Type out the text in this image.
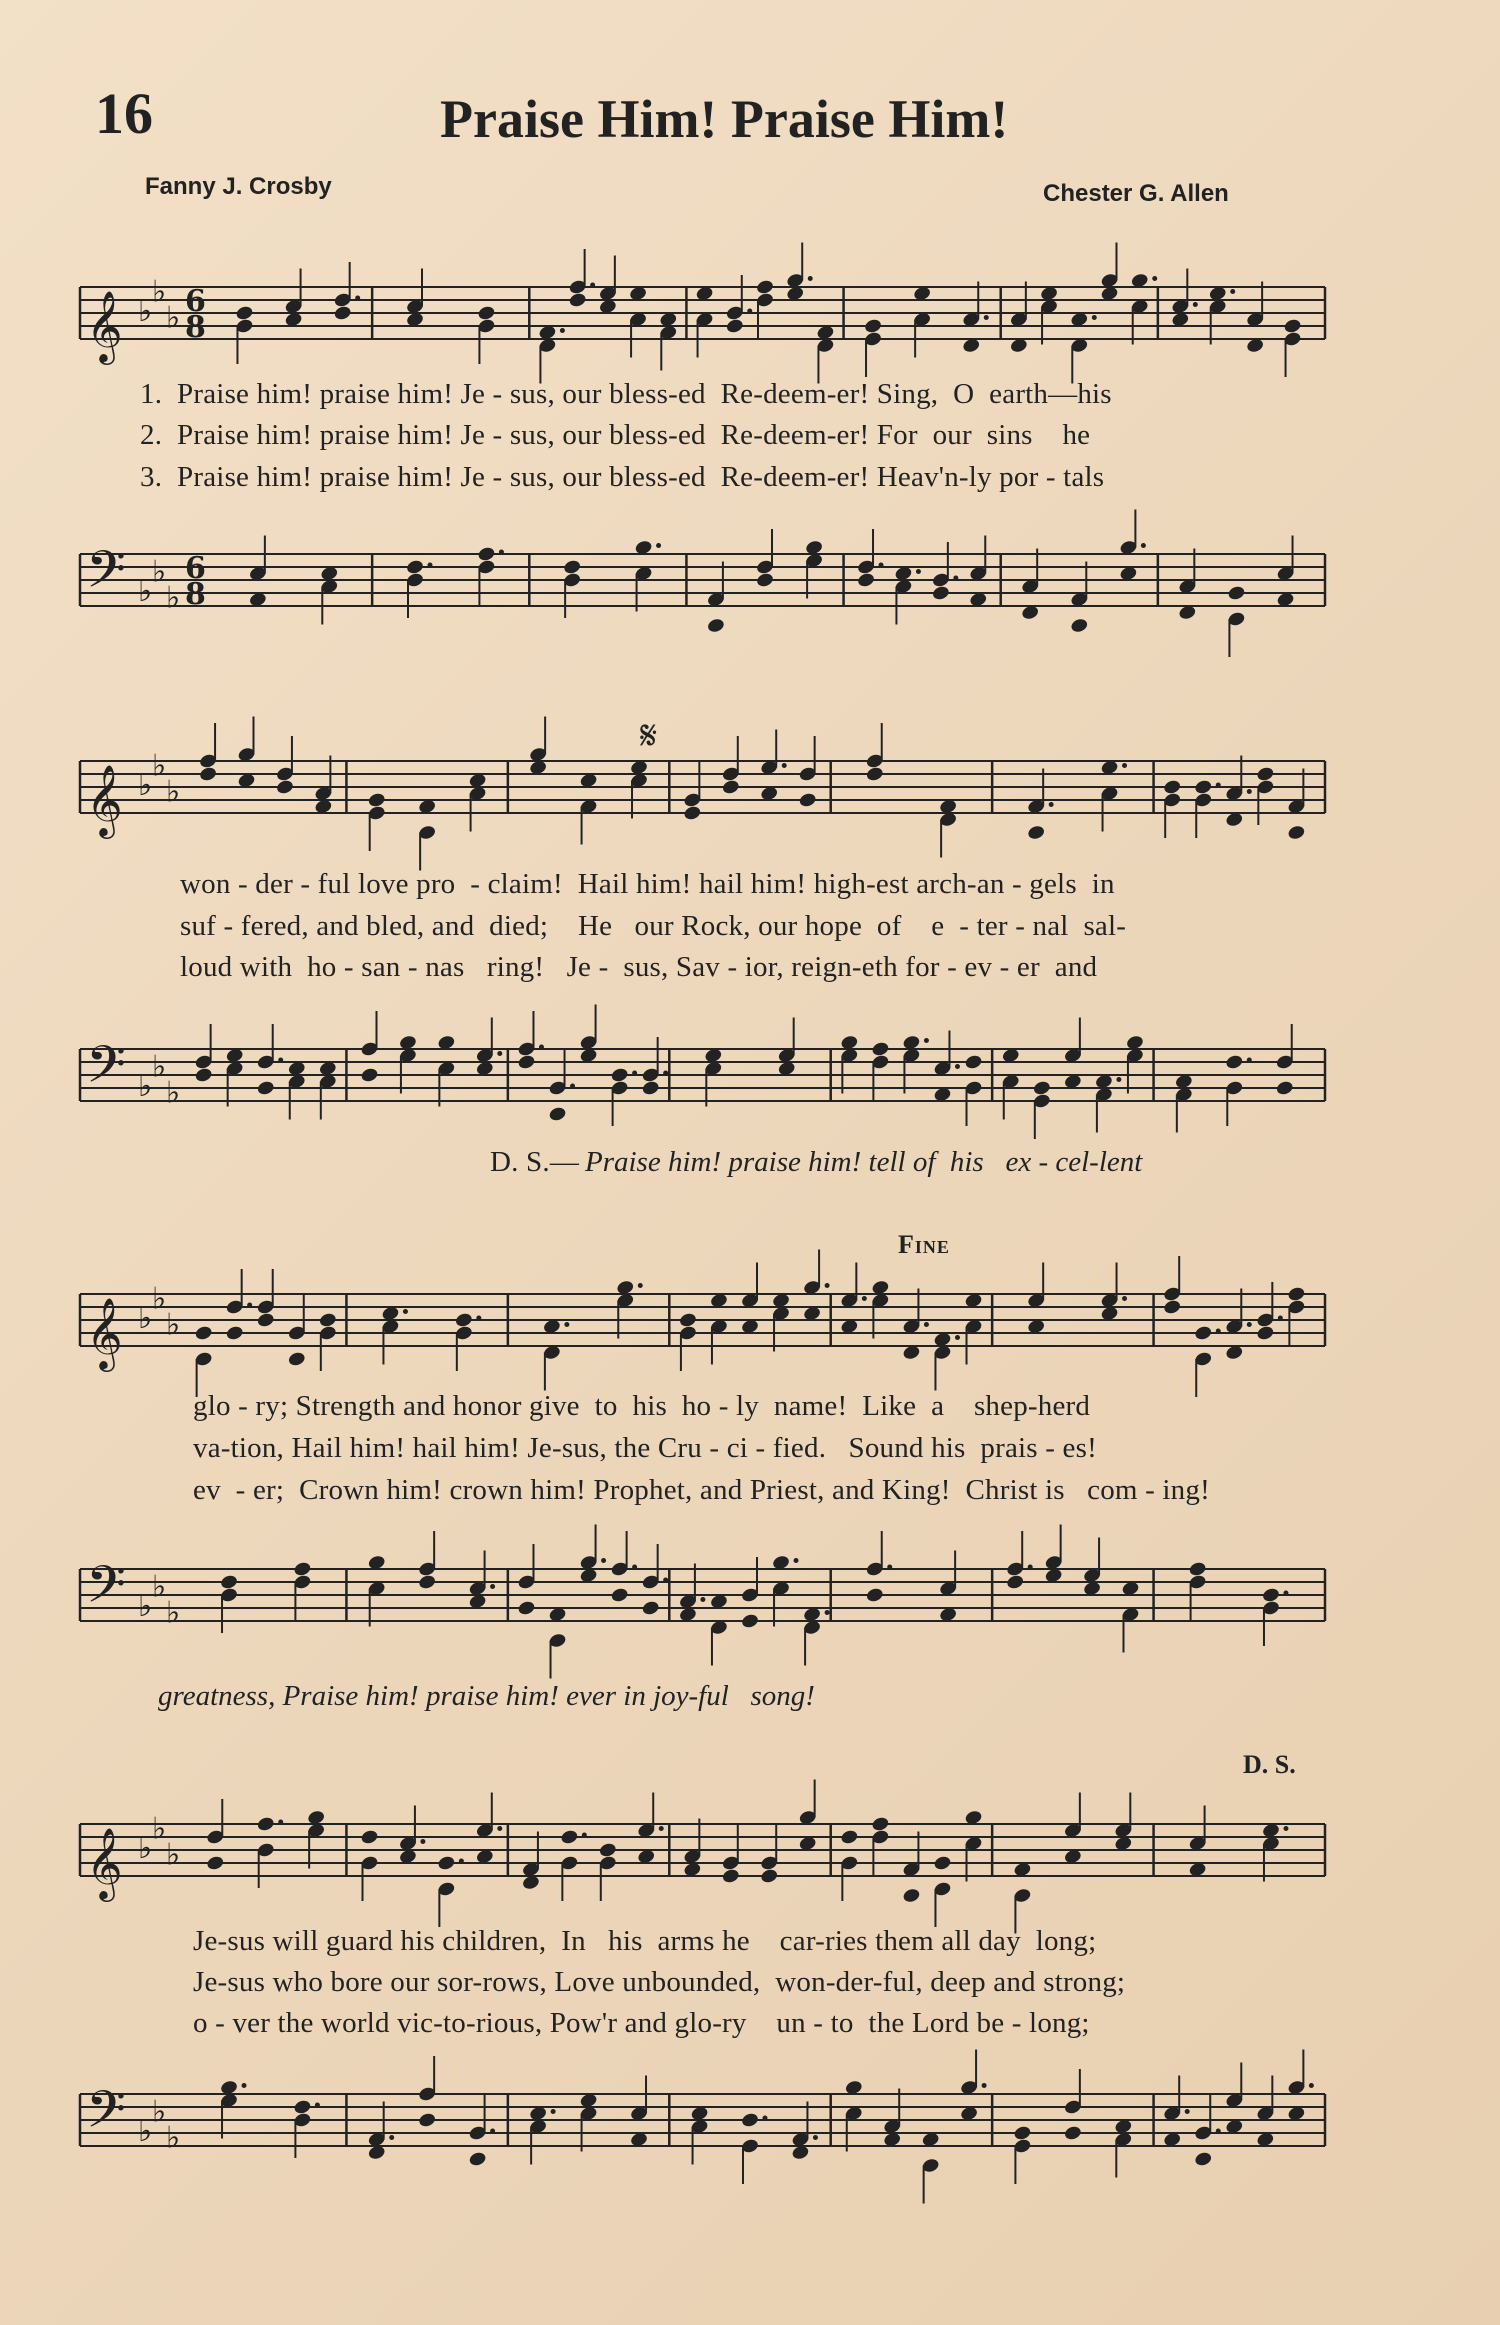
16	Praise Him! Praise Him!
Fanny J. Crosby	Chester G. Allen
𝄞 ♭
♭
♭ 6
8
1.  Praise him! praise him! Je - sus, our bless-ed  Re-deem-er! Sing,  O  earth—his
2.  Praise him! praise him! Je - sus, our bless-ed  Re-deem-er! For  our  sins    he
3.  Praise him! praise him! Je - sus, our bless-ed  Re-deem-er! Heav'n-ly por - tals
𝄢 ♭
♭
♭
6
8
𝄞 ♭
♭
♭
𝄋
won - der - ful love pro  - claim!  Hail him! hail him! high-est arch-an - gels  in
suf - fered, and bled, and  died;    He   our Rock, our hope  of    e  - ter - nal  sal-
loud with  ho - san - nas   ring!   Je -  sus, Sav - ior, reign-eth for - ev - er  and
𝄢 ♭
♭
♭
D. S.— Praise him! praise him! tell of  his   ex - cel-lent
Fine
𝄞 ♭
♭
♭
glo - ry; Strength and honor give  to  his  ho - ly  name!  Like  a    shep-herd
va-tion, Hail him! hail him! Je-sus, the Cru - ci - fied.   Sound his  prais - es!
ev  - er;  Crown him! crown him! Prophet, and Priest, and King!  Christ is   com - ing!
𝄢 ♭
♭
♭
greatness, Praise him! praise him! ever in joy-ful   song!
D. S.
𝄞 ♭
♭
♭
Je-sus will guard his children,  In   his  arms he    car-ries them all day  long;
Je-sus who bore our sor-rows, Love unbounded,  won-der-ful, deep and strong;
o - ver the world vic-to-rious, Pow'r and glo-ry    un - to  the Lord be - long;
𝄢 ♭
♭
♭
